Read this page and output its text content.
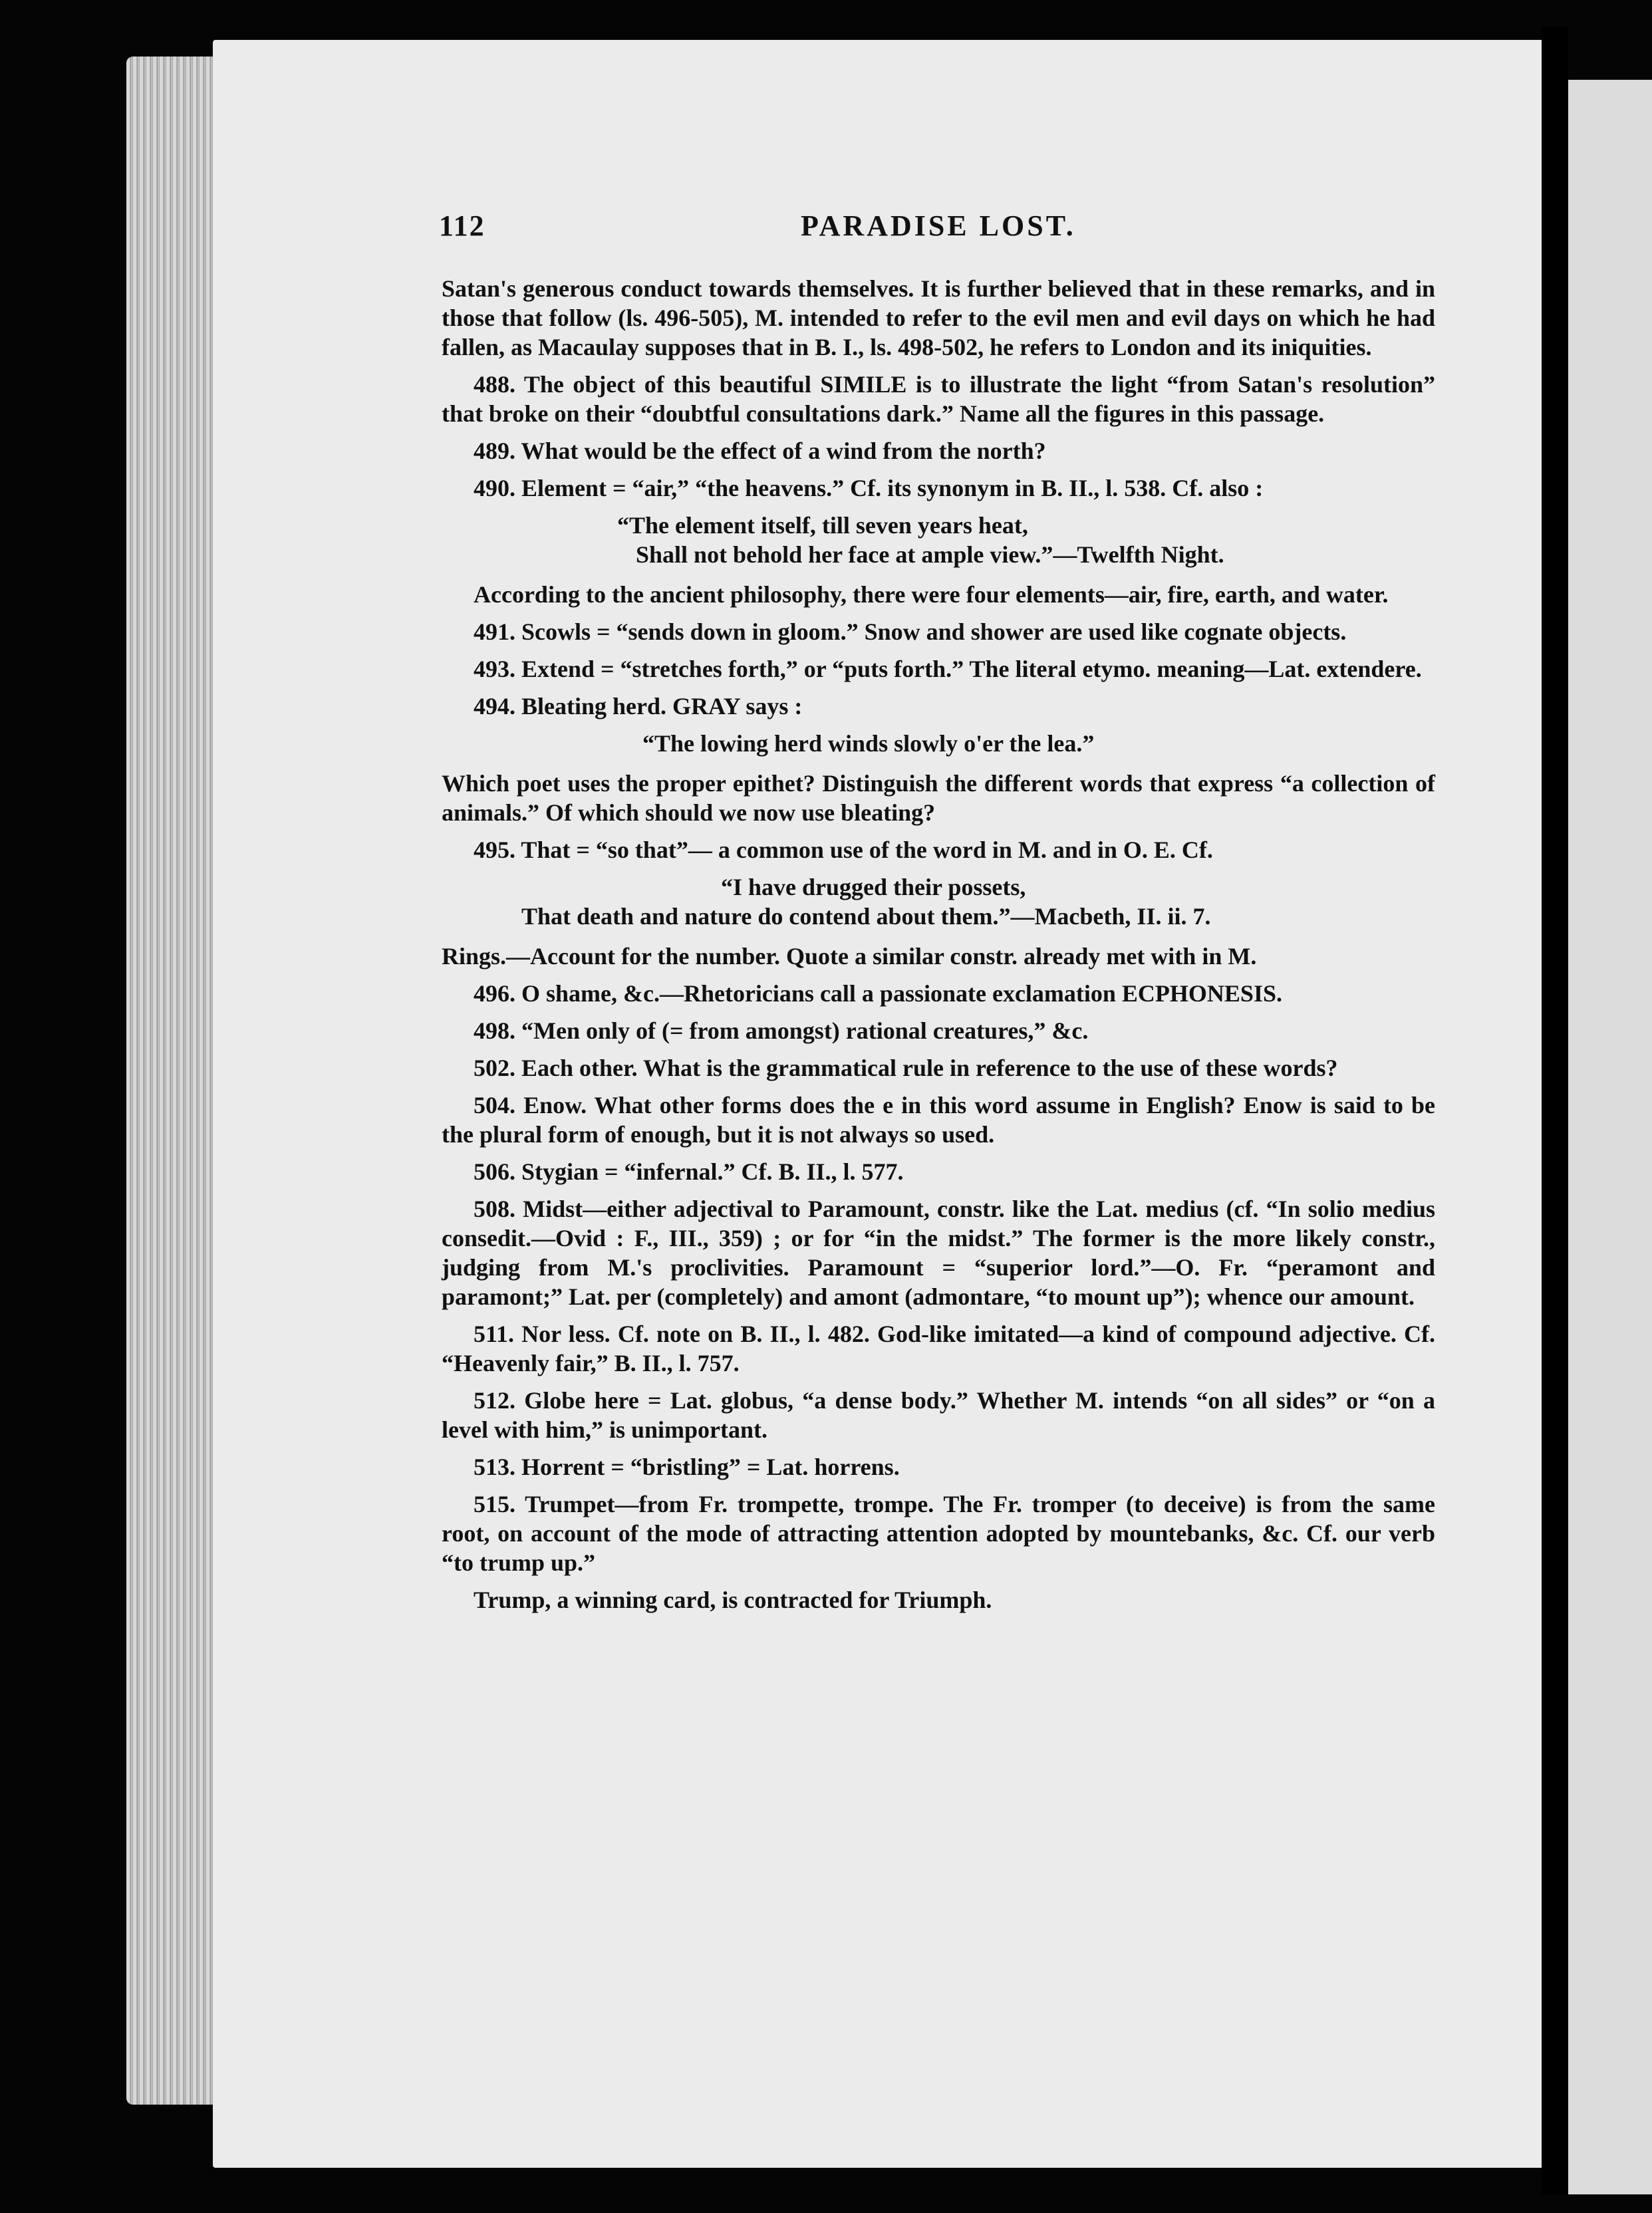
112	PARADISE LOST.

Satan's generous conduct towards themselves. It is further believed that in these remarks, and in those that follow (ls. 496-505), M. intended to refer to the evil men and evil days on which he had fallen, as Macaulay supposes that in B. I., ls. 498-502, he refers to London and its iniquities.

488. The object of this beautiful SIMILE is to illustrate the light “from Satan's resolution” that broke on their “doubtful consultations dark.” Name all the figures in this passage.

489. What would be the effect of a wind from the north?

490. Element = “air,” “the heavens.” Cf. its synonym in B. II., l. 538. Cf. also :

“The element itself, till seven years heat,
Shall not behold her face at ample view.”—Twelfth Night.

According to the ancient philosophy, there were four elements—air, fire, earth, and water.

491. Scowls = “sends down in gloom.” Snow and shower are used like cognate objects.

493. Extend = “stretches forth,” or “puts forth.” The literal etymo. meaning—Lat. extendere.

494. Bleating herd. GRAY says :

“The lowing herd winds slowly o'er the lea.”

Which poet uses the proper epithet? Distinguish the different words that express “a collection of animals.” Of which should we now use bleating?

495. That = “so that”— a common use of the word in M. and in O. E. Cf.

“I have drugged their possets,
That death and nature do contend about them.”—Macbeth, II. ii. 7.

Rings.—Account for the number. Quote a similar constr. already met with in M.

496. O shame, &c.—Rhetoricians call a passionate exclamation ECPHONESIS.

498. “Men only of (= from amongst) rational creatures,” &c.

502. Each other. What is the grammatical rule in reference to the use of these words?

504. Enow. What other forms does the e in this word assume in English? Enow is said to be the plural form of enough, but it is not always so used.

506. Stygian = “infernal.” Cf. B. II., l. 577.

508. Midst—either adjectival to Paramount, constr. like the Lat. medius (cf. “In solio medius consedit.—Ovid : F., III., 359) ; or for “in the midst.” The former is the more likely constr., judging from M.'s proclivities. Paramount = “superior lord.”—O. Fr. “peramont and paramont;” Lat. per (completely) and amont (admontare, “to mount up”); whence our amount.

511. Nor less. Cf. note on B. II., l. 482. God-like imitated—a kind of compound adjective. Cf. “Heavenly fair,” B. II., l. 757.

512. Globe here = Lat. globus, “a dense body.” Whether M. intends “on all sides” or “on a level with him,” is unimportant.

513. Horrent = “bristling” = Lat. horrens.

515. Trumpet—from Fr. trompette, trompe. The Fr. tromper (to deceive) is from the same root, on account of the mode of attracting attention adopted by mountebanks, &c. Cf. our verb “to trump up.”

Trump, a winning card, is contracted for Triumph.
